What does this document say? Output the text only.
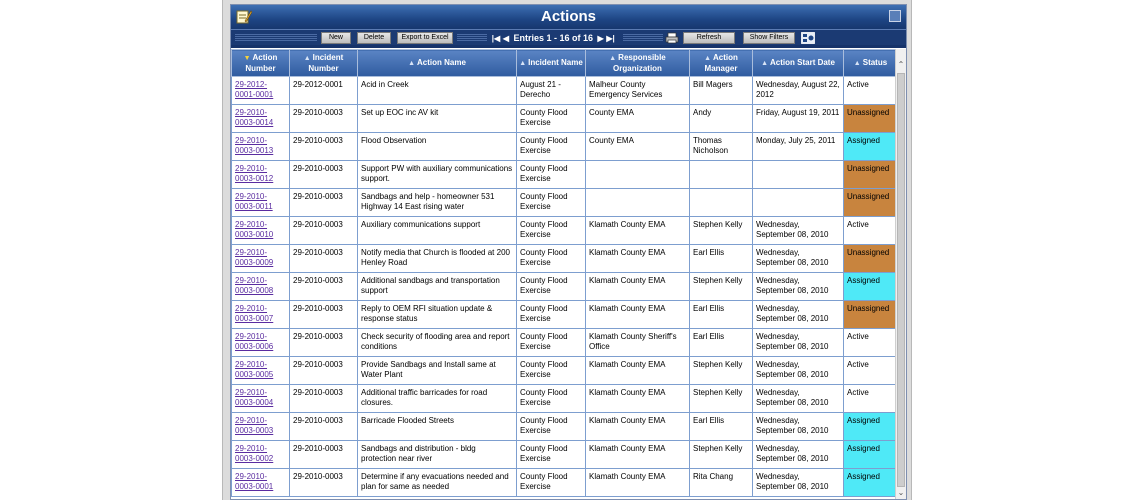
Actions
New	Delete	Export to Excel	|◀ ◀ Entries 1 - 16 of 16 ▶ ▶|	Refresh	Show Filters
▼ Action Number	▲ Incident Number	▲ Action Name	▲ Incident Name	▲ Responsible Organization	▲ Action Manager	▲ Action Start Date	▲ Status
29-2012-0001-0001	29-2012-0001	Acid in Creek	August 21 - Derecho	Malheur County Emergency Services	Bill Magers	Wednesday, August 22, 2012	Active
29-2010-0003-0014	29-2010-0003	Set up EOC inc AV kit	County Flood Exercise	County EMA	Andy	Friday, August 19, 2011	Unassigned
29-2010-0003-0013	29-2010-0003	Flood Observation	County Flood Exercise	County EMA	Thomas Nicholson	Monday, July 25, 2011	Assigned
29-2010-0003-0012	29-2010-0003	Support PW with auxiliary communications support.	County Flood Exercise				Unassigned
29-2010-0003-0011	29-2010-0003	Sandbags and help - homeowner 531 Highway 14 East rising water	County Flood Exercise				Unassigned
29-2010-0003-0010	29-2010-0003	Auxiliary communications support	County Flood Exercise	Klamath County EMA	Stephen Kelly	Wednesday, September 08, 2010	Active
29-2010-0003-0009	29-2010-0003	Notify media that Church is flooded at 200 Henley Road	County Flood Exercise	Klamath County EMA	Earl Ellis	Wednesday, September 08, 2010	Unassigned
29-2010-0003-0008	29-2010-0003	Additional sandbags and transportation support	County Flood Exercise	Klamath County EMA	Stephen Kelly	Wednesday, September 08, 2010	Assigned
29-2010-0003-0007	29-2010-0003	Reply to OEM RFI situation update & response status	County Flood Exercise	Klamath County EMA	Earl Ellis	Wednesday, September 08, 2010	Unassigned
29-2010-0003-0006	29-2010-0003	Check security of flooding area and report conditions	County Flood Exercise	Klamath County Sheriff's Office	Earl Ellis	Wednesday, September 08, 2010	Active
29-2010-0003-0005	29-2010-0003	Provide Sandbags and Install same at Water Plant	County Flood Exercise	Klamath County EMA	Stephen Kelly	Wednesday, September 08, 2010	Active
29-2010-0003-0004	29-2010-0003	Additional traffic barricades for road closures.	County Flood Exercise	Klamath County EMA	Stephen Kelly	Wednesday, September 08, 2010	Active
29-2010-0003-0003	29-2010-0003	Barricade Flooded Streets	County Flood Exercise	Klamath County EMA	Earl Ellis	Wednesday, September 08, 2010	Assigned
29-2010-0003-0002	29-2010-0003	Sandbags and distribution - bldg protection near river	County Flood Exercise	Klamath County EMA	Stephen Kelly	Wednesday, September 08, 2010	Assigned
29-2010-0003-0001	29-2010-0003	Determine if any evacuations needed and plan for same as needed	County Flood Exercise	Klamath County EMA	Rita Chang	Wednesday, September 08, 2010	Assigned
⌃
⌄
